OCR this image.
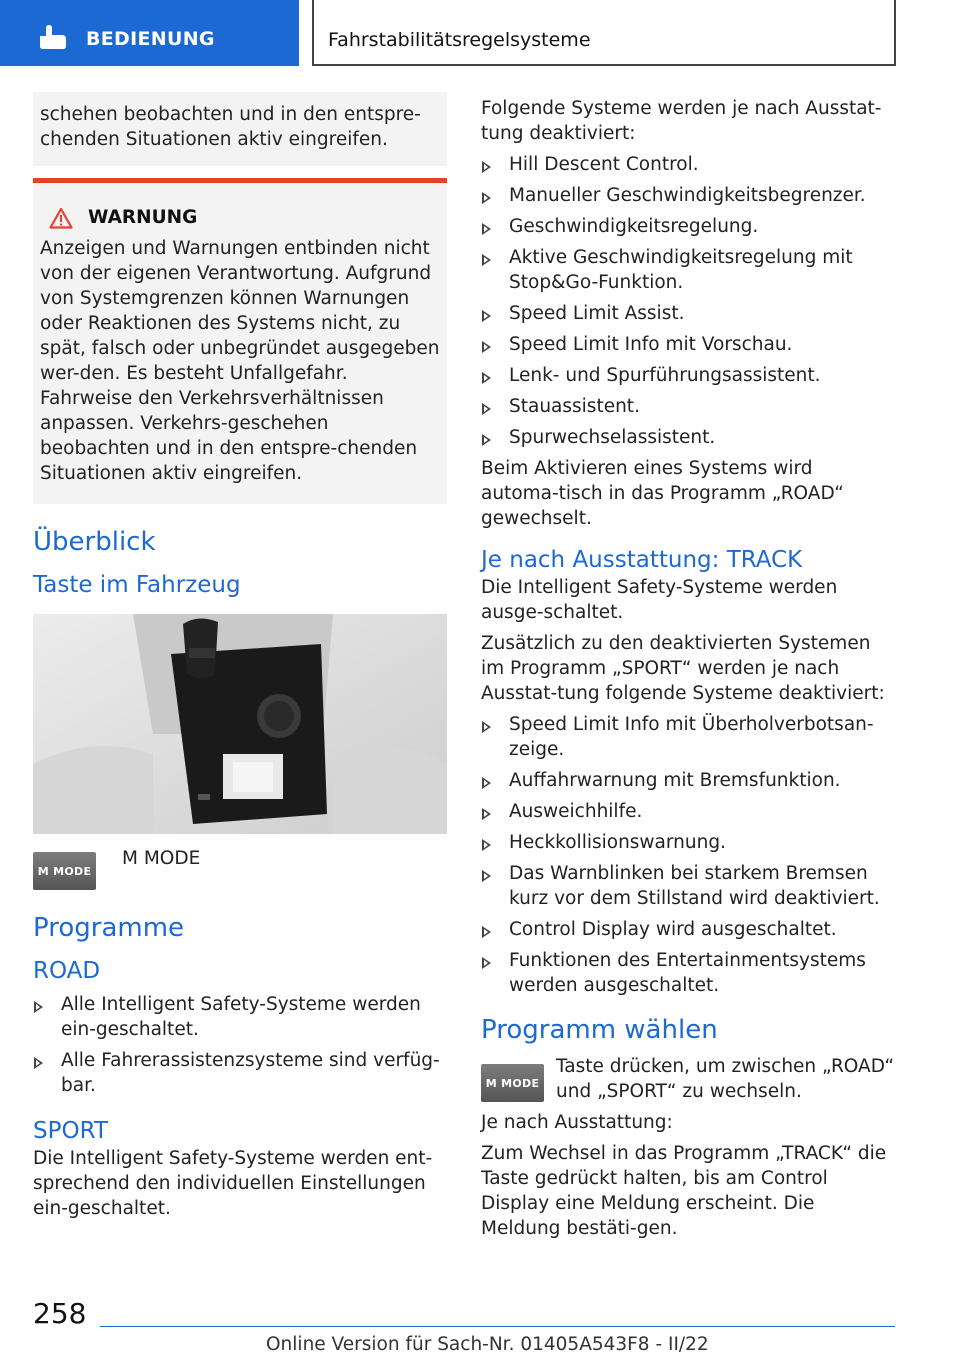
BEDIENUNG	Fahrstabilitätsregelsysteme
schehen beobachten und in den entspre-chenden Situationen aktiv eingreifen.
WARNUNG
Anzeigen und Warnungen entbinden nicht von der eigenen Verantwortung. Aufgrund von Systemgrenzen können Warnungen oder Reaktionen des Systems nicht, zu spät, falsch oder unbegründet ausgegeben wer-den. Es besteht Unfallgefahr. Fahrweise den Verkehrsverhältnissen anpassen. Verkehrs-geschehen beobachten und in den entspre-chenden Situationen aktiv eingreifen.
Überblick
Taste im Fahrzeug
M MODE
M MODE
Programme
ROAD
Alle Intelligent Safety-Systeme werden ein-geschaltet.
Alle Fahrerassistenzsysteme sind verfüg-bar.
SPORT

Die Intelligent Safety-Systeme werden ent-sprechend den individuellen Einstellungen ein-geschaltet.

Folgende Systeme werden je nach Ausstat-tung deaktiviert:

Hill Descent Control.
Manueller Geschwindigkeitsbegrenzer.
Geschwindigkeitsregelung.
Aktive Geschwindigkeitsregelung mit Stop&Go-Funktion.
Speed Limit Assist.
Speed Limit Info mit Vorschau.
Lenk- und Spurführungsassistent.
Stauassistent.
Spurwechselassistent.

Beim Aktivieren eines Systems wird automa-tisch in das Programm „ROAD“ gewechselt.

Je nach Ausstattung: TRACK

Die Intelligent Safety-Systeme werden ausge-schaltet.

Zusätzlich zu den deaktivierten Systemen im Programm „SPORT“ werden je nach Ausstat-tung folgende Systeme deaktiviert:

Speed Limit Info mit Überholverbotsan-zeige.
Auffahrwarnung mit Bremsfunktion.
Ausweichhilfe.
Heckkollisionswarnung.
Das Warnblinken bei starkem Bremsen kurz vor dem Stillstand wird deaktiviert.
Control Display wird ausgeschaltet.
Funktionen des Entertainmentsystems werden ausgeschaltet.
Programm wählen
M MODE
Taste drücken, um zwischen „ROAD“ und „SPORT“ zu wechseln.

Je nach Ausstattung:

Zum Wechsel in das Programm „TRACK“ die Taste gedrückt halten, bis am Control Display eine Meldung erscheint. Die Meldung bestäti-gen.

258
Online Version für Sach-Nr. 01405A543F8 - II/22
